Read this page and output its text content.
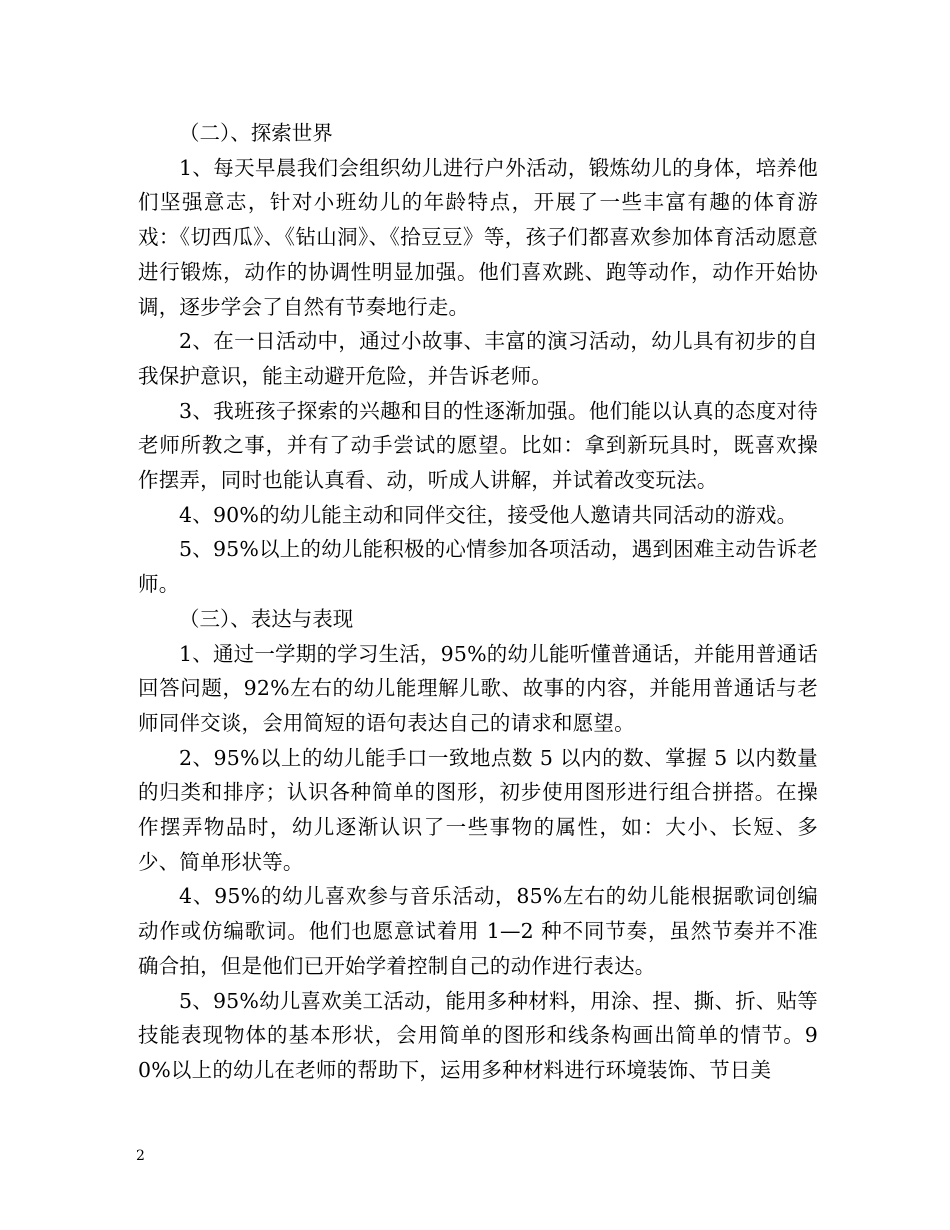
（二）、探索世界

1、每天早晨我们会组织幼儿进行户外活动，锻炼幼儿的身体，培养他们坚强意志，针对小班幼儿的年龄特点，开展了一些丰富有趣的体育游戏：《切西瓜》、《钻山洞》、《拾豆豆》等，孩子们都喜欢参加体育活动愿意进行锻炼，动作的协调性明显加强。他们喜欢跳、跑等动作，动作开始协调，逐步学会了自然有节奏地行走。

2、在一日活动中，通过小故事、丰富的演习活动，幼儿具有初步的自我保护意识，能主动避开危险，并告诉老师。

3、我班孩子探索的兴趣和目的性逐渐加强。他们能以认真的态度对待老师所教之事，并有了动手尝试的愿望。比如：拿到新玩具时，既喜欢操作摆弄，同时也能认真看、动，听成人讲解，并试着改变玩法。

4、90%的幼儿能主动和同伴交往，接受他人邀请共同活动的游戏。

5、95%以上的幼儿能积极的心情参加各项活动，遇到困难主动告诉老师。

（三）、表达与表现

1、通过一学期的学习生活，95%的幼儿能听懂普通话，并能用普通话回答问题，92%左右的幼儿能理解儿歌、故事的内容，并能用普通话与老师同伴交谈，会用简短的语句表达自己的请求和愿望。

2、95%以上的幼儿能手口一致地点数 5 以内的数、掌握 5 以内数量的归类和排序；认识各种简单的图形，初步使用图形进行组合拼搭。在操作摆弄物品时，幼儿逐渐认识了一些事物的属性，如：大小、长短、多少、简单形状等。

4、95%的幼儿喜欢参与音乐活动，85%左右的幼儿能根据歌词创编动作或仿编歌词。他们也愿意试着用 1—2 种不同节奏，虽然节奏并不准确合拍，但是他们已开始学着控制自己的动作进行表达。

5、95%幼儿喜欢美工活动，能用多种材料，用涂、捏、撕、折、贴等技能表现物体的基本形状，会用简单的图形和线条构画出简单的情节。90%以上的幼儿在老师的帮助下，运用多种材料进行环境装饰、节日美

2
